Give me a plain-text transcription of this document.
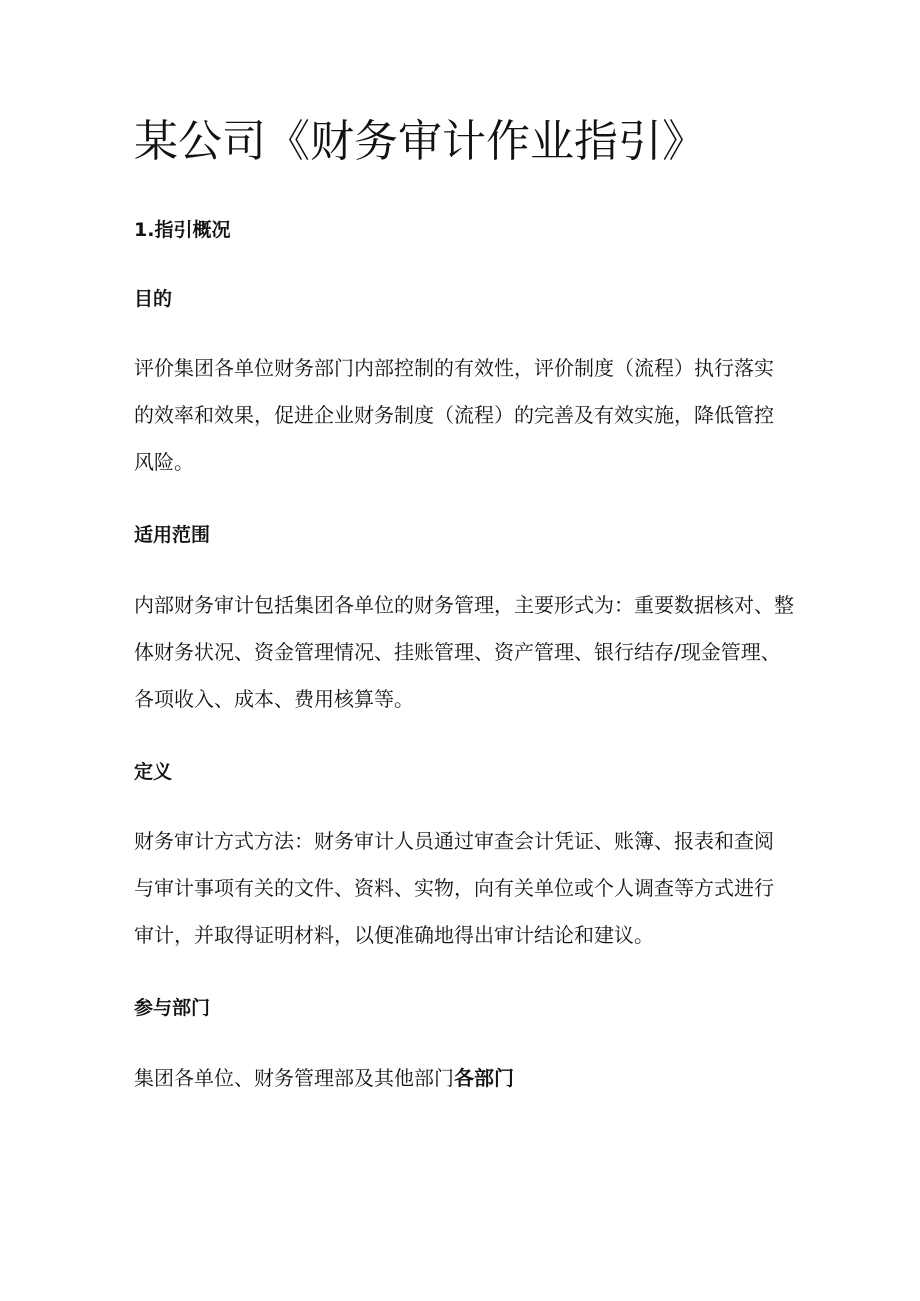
某公司《财务审计作业指引》
1.指引概况
目的

评价集团各单位财务部门内部控制的有效性，评价制度（流程）执行落实
的效率和效果，促进企业财务制度（流程）的完善及有效实施，降低管控
风险。

适用范围

内部财务审计包括集团各单位的财务管理，主要形式为：重要数据核对、整
体财务状况、资金管理情况、挂账管理、资产管理、银行结存/现金管理、
各项收入、成本、费用核算等。

定义

财务审计方式方法：财务审计人员通过审查会计凭证、账簿、报表和查阅
与审计事项有关的文件、资料、实物，向有关单位或个人调查等方式进行
审计，并取得证明材料，以便准确地得出审计结论和建议。

参与部门

集团各单位、财务管理部及其他部门各部门
